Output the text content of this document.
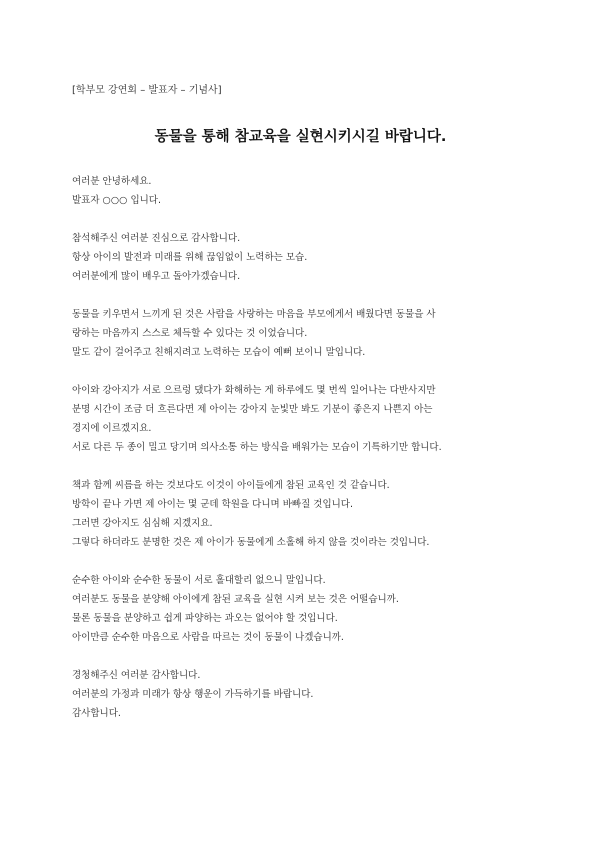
[학부모 강연회 – 발표자 – 기념사]

동물을 통해 참교육을 실현시키시길 바랍니다.

여러분 안녕하세요.

발표자 ○○○ 입니다.

참석해주신 여러분 진심으로 감사합니다.

항상 아이의 발전과 미래를 위해 끊임없이 노력하는 모습.

여러분에게 많이 배우고 돌아가겠습니다.

동물을 키우면서 느끼게 된 것은 사람을 사랑하는 마음을 부모에게서 배웠다면 동물을 사

랑하는 마음까지 스스로 체득할 수 있다는 것 이었습니다.

말도 같이 걸어주고 친해지려고 노력하는 모습이 예뻐 보이니 말입니다.

아이와 강아지가 서로 으르렁 댔다가 화해하는 게 하루에도 몇 번씩 일어나는 다반사지만

분명 시간이 조금 더 흐른다면 제 아이는 강아지 눈빛만 봐도 기분이 좋은지 나쁜지 아는

경지에 이르겠지요.

서로 다른 두 종이 밀고 당기며 의사소통 하는 방식을 배워가는 모습이 기특하기만 합니다.

책과 함께 씨름을 하는 것보다도 이것이 아이들에게 참된 교육인 것 같습니다.

방학이 끝나 가면 제 아이는 몇 군데 학원을 다니며 바빠질 것입니다.

그러면 강아지도 심심해 지겠지요.

그렇다 하더라도 분명한 것은 제 아이가 동물에게 소홀해 하지 않을 것이라는 것입니다.

순수한 아이와 순수한 동물이 서로 홀대할리 없으니 말입니다.

여러분도 동물을 분양해 아이에게 참된 교육을 실현 시켜 보는 것은 어떨습니까.

물론 동물을 분양하고 쉽게 파양하는 과오는 없어야 할 것입니다.

아이만큼 순수한 마음으로 사람을 따르는 것이 동물이 나겠습니까.

경청해주신 여러분 감사합니다.

여러분의 가정과 미래가 항상 행운이 가득하기를 바랍니다.

감사합니다.
